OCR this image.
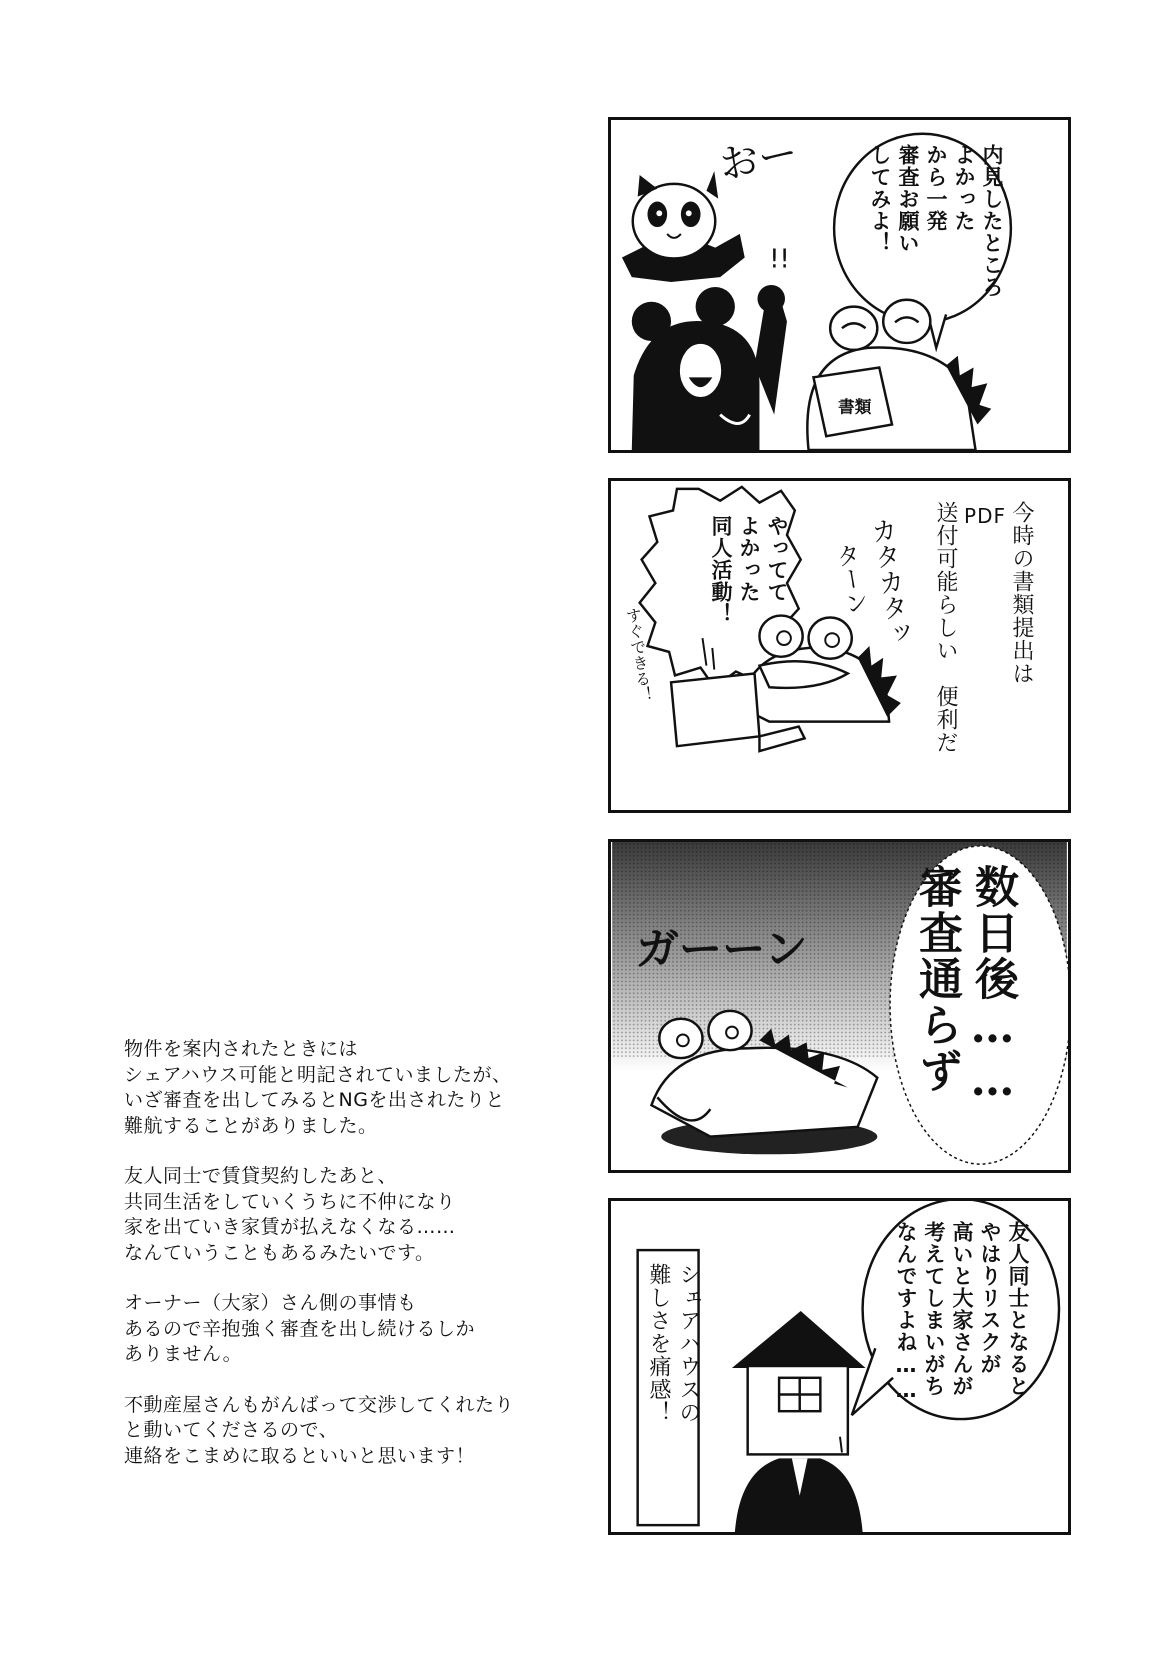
物件を案内されたときには
シェアハウス可能と明記されていましたが、
いざ審査を出してみるとNGを出されたりと
難航することがありました。

友人同士で賃貸契約したあと、
共同生活をしていくうちに不仲になり
家を出ていき家賃が払えなくなる……
なんていうこともあるみたいです。

オーナー（大家）さん側の事情も
あるので辛抱強く審査を出し続けるしか
ありません。

不動産屋さんもがんばって交渉してくれたり
と動いてくださるので、
連絡をこまめに取るといいと思います！

書類
おー
!!	内見したところ
よかった
から一発
審査お願い
してみよ！
今時の書類提出は
PDF
送付可能らしい　便利だ
やってて
よかった
同人活動！	カタカタッ
ターン
すぐできる！
ガーーン	数日後……
審査通らず
友人同士となると
やはりリスクが
高いと大家さんが
考えてしまいがち
なんですよね……
シェアハウスの
難しさを痛感！
